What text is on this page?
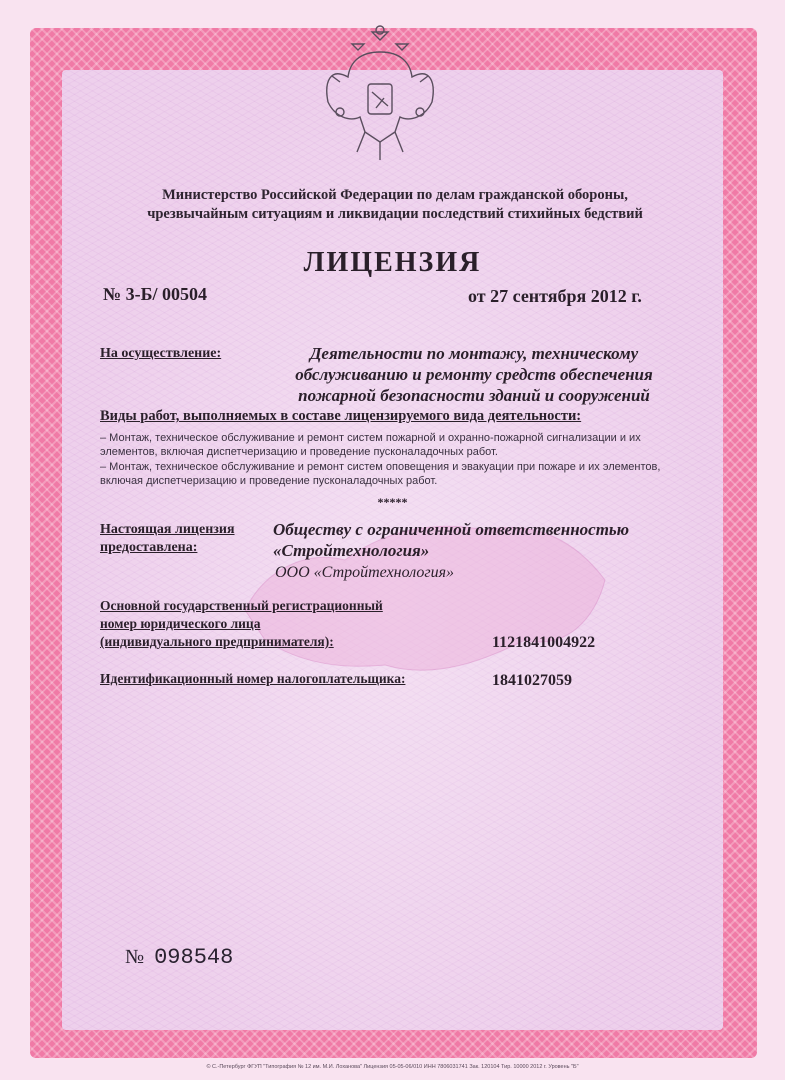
Министерство Российской Федерации по делам гражданской обороны,
чрезвычайным ситуациям и ликвидации последствий стихийных бедствий
ЛИЦЕНЗИЯ
№ 3-Б/ 00504	от 27 сентября 2012 г.
На осуществление:	Деятельности по монтажу, техническому обслуживанию и ремонту средств обеспечения пожарной безопасности зданий и сооружений
Виды работ, выполняемых в составе лицензируемого вида деятельности:
– Монтаж, техническое обслуживание и ремонт систем пожарной и охранно-пожарной сигнализации и их элементов, включая диспетчеризацию и проведение пусконаладочных работ.
– Монтаж, техническое обслуживание и ремонт систем оповещения и эвакуации при пожаре и их элементов, включая диспетчеризацию и проведение пусконаладочных работ.
*****
Настоящая лицензия
предоставлена:
Обществу с ограниченной ответственностью «Стройтехнология»
ООО «Стройтехнология»
Основной государственный регистрационный
номер юридического лица
(индивидуального предпринимателя):	1121841004922
Идентификационный номер налогоплательщика:	1841027059
№ 098548
© С.-Петербург ФГУП "Типография № 12 им. М.И. Лоханова" Лицензия 05-05-06/010 ИНН 7806031741 Зак. 120104 Тир. 10000 2012 г. Уровень "Б"
